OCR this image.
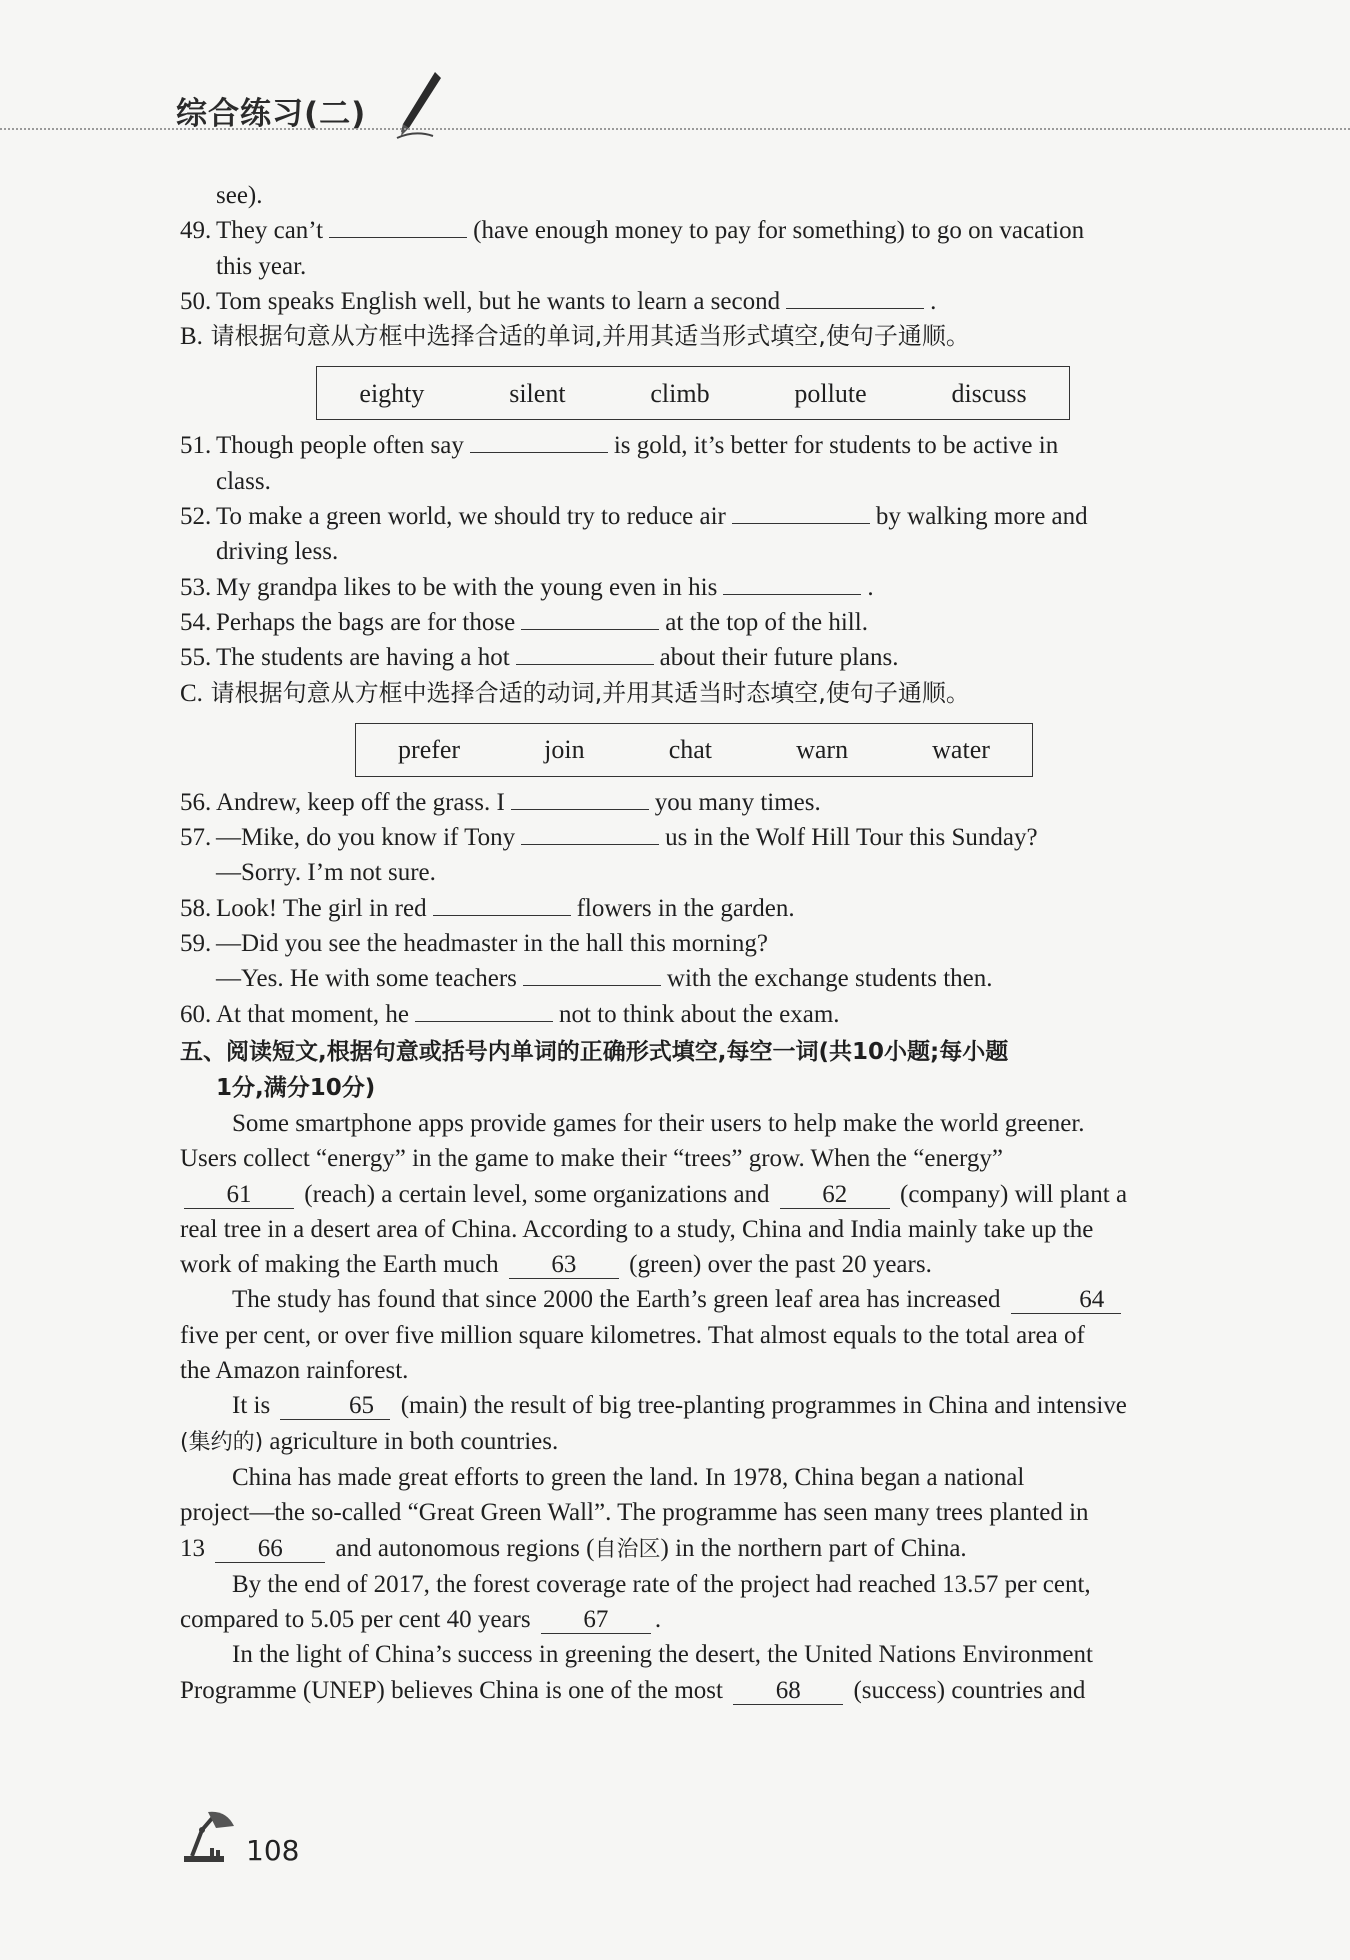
综合练习(二)
see).
49. They can’t	(have enough money to pay for something) to go on vacation
this year.
50. Tom speaks English well, but he wants to learn a second	.
B. 请根据句意从方框中选择合适的单词,并用其适当形式填空,使句子通顺。
eighty	silent	climb	pollute	discuss
51. Though people often say	is gold, it’s better for students to be active in
class.
52. To make a green world, we should try to reduce air	by walking more and
driving less.
53. My grandpa likes to be with the young even in his	.
54. Perhaps the bags are for those	at the top of the hill.
55. The students are having a hot	about their future plans.
C. 请根据句意从方框中选择合适的动词,并用其适当时态填空,使句子通顺。
prefer	join	chat	warn	water
56. Andrew, keep off the grass. I	you many times.
57. —Mike, do you know if Tony	us in the Wolf Hill Tour this Sunday?
—Sorry. I’m not sure.
58. Look! The girl in red	flowers in the garden.
59. —Did you see the headmaster in the hall this morning?
—Yes. He with some teachers	with the exchange students then.
60. At that moment, he	not to think about the exam.
五、阅读短文,根据句意或括号内单词的正确形式填空,每空一词(共10小题;每小题
1分,满分10分)
Some smartphone apps provide games for their users to help make the world greener.
Users collect “energy” in the game to make their “trees” grow. When the “energy”
61 (reach) a certain level, some organizations and 62 (company) will plant a
real tree in a desert area of China. According to a study, China and India mainly take up the
work of making the Earth much 63 (green) over the past 20 years.
The study has found that since 2000 the Earth’s green leaf area has increased	64
five per cent, or over five million square kilometres. That almost equals to the total area of
the Amazon rainforest.
It is	65 (main) the result of big tree-planting programmes in China and intensive
(集约的) agriculture in both countries.
China has made great efforts to green the land. In 1978, China began a national
project—the so-called “Great Green Wall”. The programme has seen many trees planted in
13 66 and autonomous regions (自治区) in the northern part of China.
By the end of 2017, the forest coverage rate of the project had reached 13.57 per cent,
compared to 5.05 per cent 40 years 67 .
In the light of China’s success in greening the desert, the United Nations Environment
Programme (UNEP) believes China is one of the most 68 (success) countries and
108
